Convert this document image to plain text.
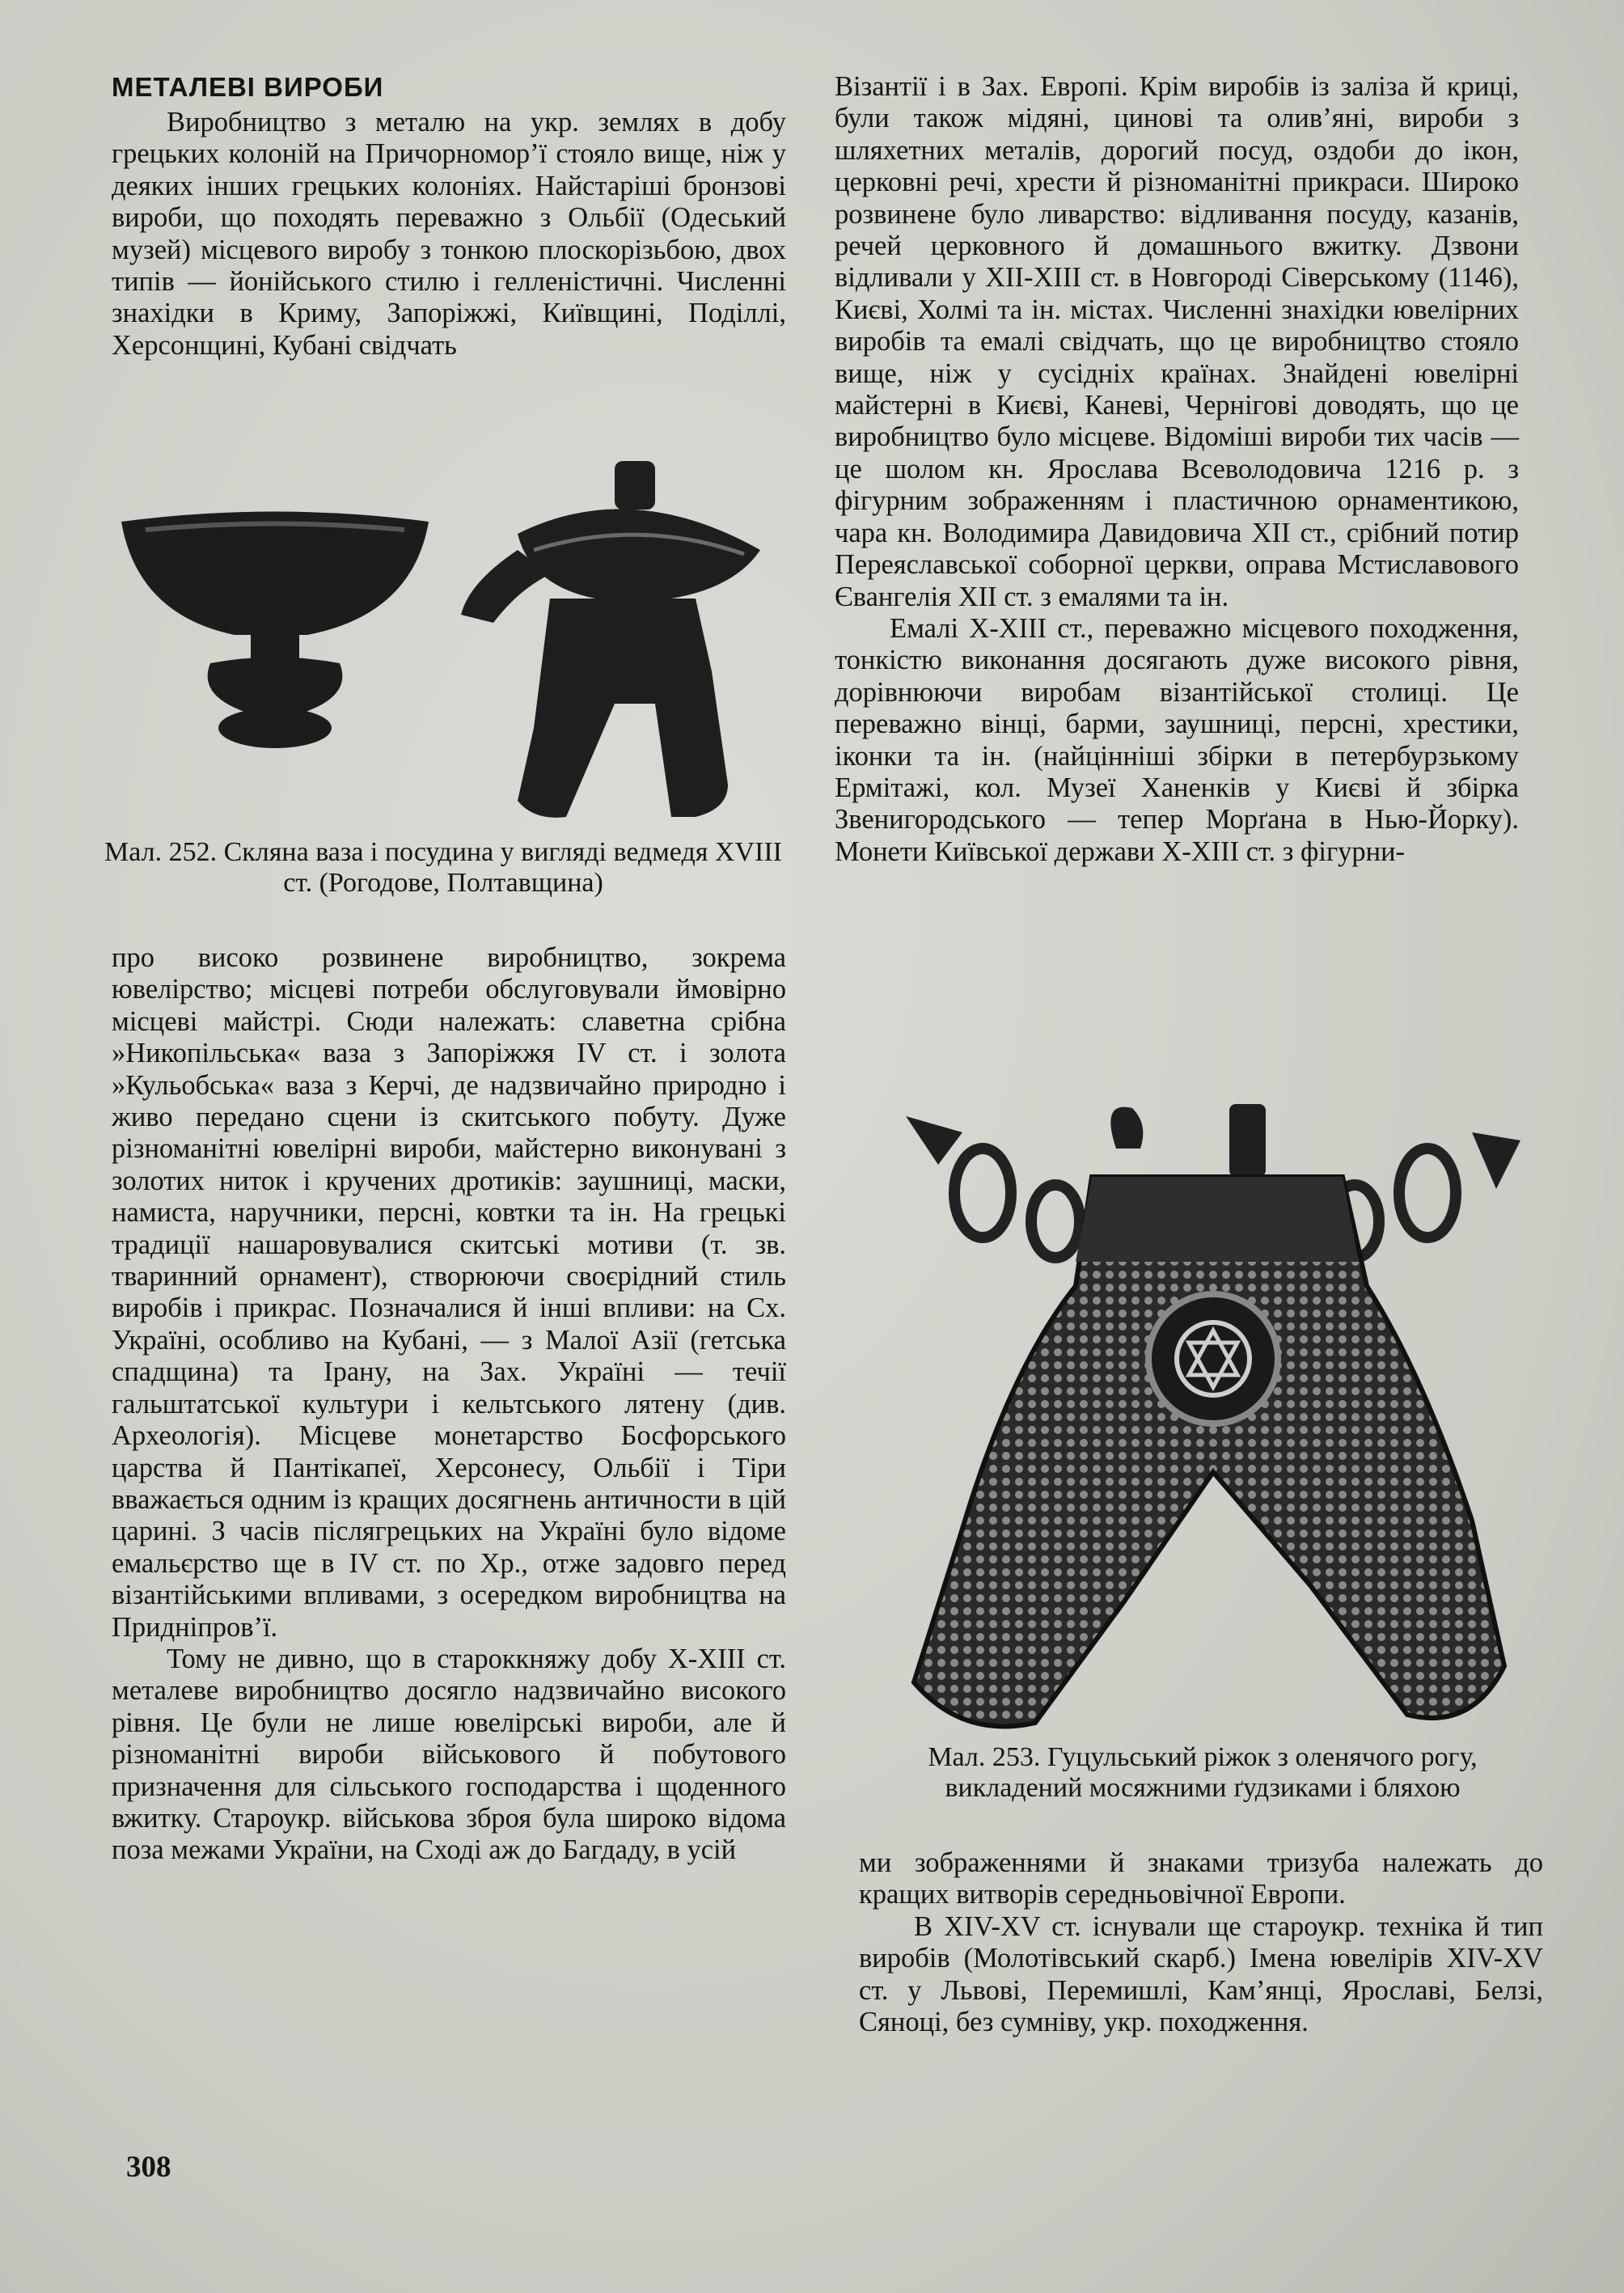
МЕТАЛЕВІ ВИРОБИ

Виробництво з металю на укр. землях в добу грецьких колоній на Причорномор’ї стояло вище, ніж у деяких інших грецьких колоніях. Найстаріші бронзові вироби, що походять переважно з Ольбії (Одеський музей) місцевого виробу з тонкою плоскорізьбою, двох типів — йонійського стилю і гелленістичні. Численні знахідки в Криму, Запоріжжі, Київщині, Поділлі, Херсонщині, Кубані свідчать

Мал. 252. Скляна ваза і посудина у вигляді ведмедя XVIII ст. (Рогодове, Полтавщина)

про високо розвинене виробництво, зокрема ювелірство; місцеві потреби обслуговували ймовірно місцеві майстрі. Сюди належать: славетна срібна »Никопільська« ваза з Запоріжжя IV ст. і золота »Кульобська« ваза з Керчі, де надзвичайно природно і живо передано сцени із скитського побуту. Дуже різноманітні ювелірні вироби, майстерно виконувані з золотих ниток і кручених дротиків: заушниці, маски, намиста, наручники, персні, ковтки та ін. На грецькі традиції нашаровувалися скитські мотиви (т. зв. тваринний орнамент), створюючи своєрідний стиль виробів і прикрас. Позначалися й інші впливи: на Сх. Україні, особливо на Кубані, — з Малої Азії (гетська спадщина) та Ірану, на Зах. Україні — течії гальштатської культури і кельтського лятену (див. Археологія). Місцеве монетарство Босфорського царства й Пантікапеї, Херсонесу, Ольбії і Тіри вважається одним із кращих досягнень античности в цій царині. З часів післягрецьких на Україні було відоме емальєрство ще в IV ст. по Хр., отже задовго перед візантійськими впливами, з осередком виробництва на Придніпров’ї.

Тому не дивно, що в староккняжу добу X-XIII ст. металеве виробництво досягло надзвичайно високого рівня. Це були не лише ювелірські вироби, але й різноманітні вироби військового й побутового призначення для сільського господарства і щоденного вжитку. Староукр. військова зброя була широко відома поза межами України, на Сході аж до Багдаду, в усій

Візантії і в Зах. Европі. Крім виробів із заліза й криці, були також мідяні, цинові та олив’яні, вироби з шляхетних металів, дорогий посуд, оздоби до ікон, церковні речі, хрести й різноманітні прикраси. Широко розвинене було ливарство: відливання посуду, казанів, речей церковного й домашнього вжитку. Дзвони відливали у XII-XIII ст. в Новгороді Сіверському (1146), Києві, Холмі та ін. містах. Численні знахідки ювелірних виробів та емалі свідчать, що це виробництво стояло вище, ніж у сусідніх країнах. Знайдені ювелірні майстерні в Києві, Каневі, Чернігові доводять, що це виробництво було місцеве. Відоміші вироби тих часів — це шолом кн. Ярослава Всеволодовича 1216 р. з фігурним зображенням і пластичною орнаментикою, чара кн. Володимира Давидовича XII ст., срібний потир Переяславської соборної церкви, оправа Мстиславового Євангелія XII ст. з емалями та ін.

Емалі X-XIII ст., переважно місцевого походження, тонкістю виконання досягають дуже високого рівня, дорівнюючи виробам візантійської столиці. Це переважно вінці, барми, заушниці, персні, хрестики, іконки та ін. (найцінніші збірки в петербурзькому Ермітажі, кол. Музеї Ханенків у Києві й збірка Звенигородського — тепер Морґана в Нью-Йорку). Монети Київської держави X-XIII ст. з фігурни-

Мал. 253. Гуцульський ріжок з оленячого рогу, викладений мосяжними ґудзиками і бляхою

ми зображеннями й знаками тризуба належать до кращих витворів середньовічної Европи.

В XIV-XV ст. існували ще староукр. техніка й тип виробів (Молотівський скарб.) Імена ювелірів XIV-XV ст. у Львові, Перемишлі, Кам’янці, Ярославі, Белзі, Сяноці, без сумніву, укр. походження.

308
